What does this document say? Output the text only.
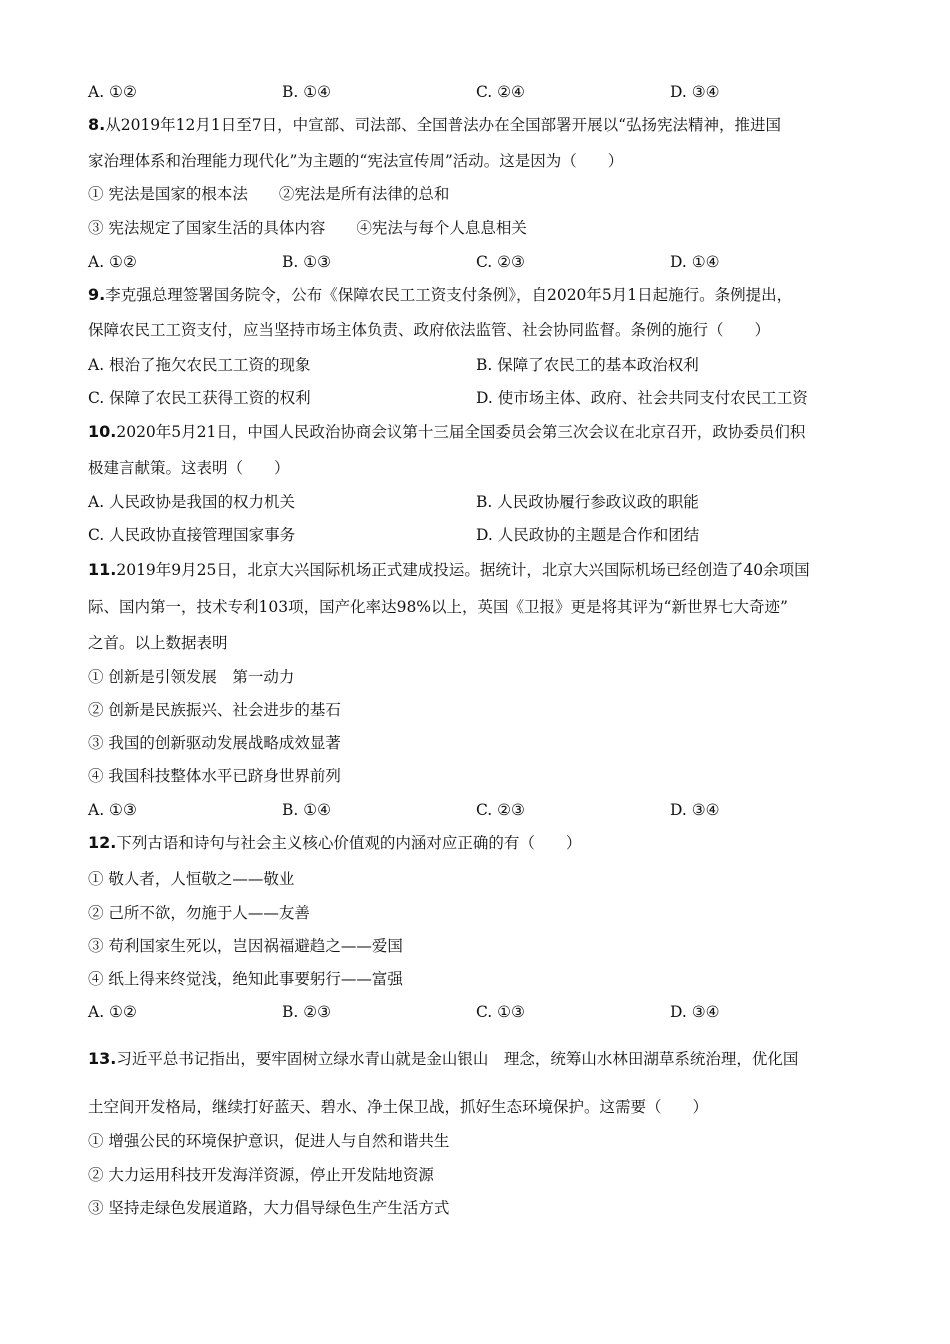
A. ①②	B. ①④	C. ②④	D. ③④
8.从2019年12月1日至7日，中宣部、司法部、全国普法办在全国部署开展以“弘扬宪法精神，推进国
家治理体系和治理能力现代化”为主题的“宪法宣传周”活动。这是因为（　　）
① 宪法是国家的根本法　　②宪法是所有法律的总和
③ 宪法规定了国家生活的具体内容　　④宪法与每个人息息相关
A. ①②	B. ①③	C. ②③	D. ①④
9.李克强总理签署国务院令，公布《保障农民工工资支付条例》，自2020年5月1日起施行。条例提出，
保障农民工工资支付，应当坚持市场主体负责、政府依法监管、社会协同监督。条例的施行（　　）
A. 根治了拖欠农民工工资的现象	B. 保障了农民工的基本政治权利
C. 保障了农民工获得工资的权利	D. 使市场主体、政府、社会共同支付农民工工资
10.2020年5月21日，中国人民政治协商会议第十三届全国委员会第三次会议在北京召开，政协委员们积
极建言献策。这表明（　　）
A. 人民政协是我国的权力机关	B. 人民政协履行参政议政的职能
C. 人民政协直接管理国家事务	D. 人民政协的主题是合作和团结
11.2019年9月25日，北京大兴国际机场正式建成投运。据统计，北京大兴国际机场已经创造了40余项国
际、国内第一，技术专利103项，国产化率达98%以上，英国《卫报》更是将其评为“新世界七大奇迹”
之首。以上数据表明
① 创新是引领发展　第一动力
② 创新是民族振兴、社会进步的基石
③ 我国的创新驱动发展战略成效显著
④ 我国科技整体水平已跻身世界前列
A. ①③	B. ①④	C. ②③	D. ③④
12.下列古语和诗句与社会主义核心价值观的内涵对应正确的有（　　）
① 敬人者，人恒敬之——敬业
② 己所不欲，勿施于人——友善
③ 苟利国家生死以，岂因祸福避趋之——爱国
④ 纸上得来终觉浅，绝知此事要躬行——富强
A. ①②	B. ②③	C. ①③	D. ③④
13.习近平总书记指出，要牢固树立绿水青山就是金山银山　理念，统筹山水林田湖草系统治理，优化国
土空间开发格局，继续打好蓝天、碧水、净土保卫战，抓好生态环境保护。这需要（　　）
① 增强公民的环境保护意识，促进人与自然和谐共生
② 大力运用科技开发海洋资源，停止开发陆地资源
③ 坚持走绿色发展道路，大力倡导绿色生产生活方式
